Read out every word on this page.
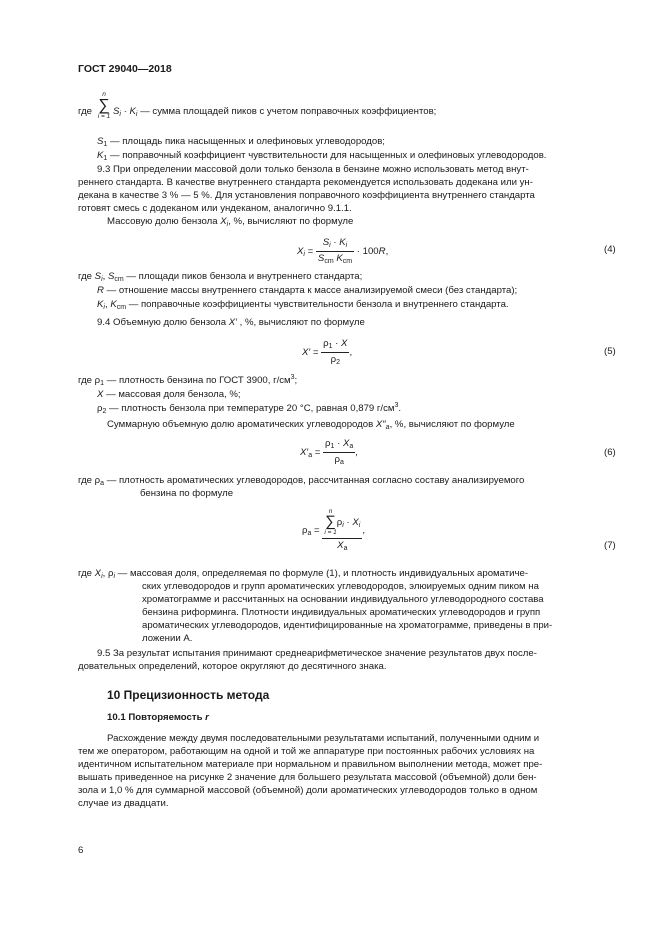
ГОСТ 29040—2018
где
n
∑
i = 1 $S_i \cdot K_i$ — сумма площадей пиков с учетом поправочных коэффициентов;
$S_1$ — площадь пика насыщенных и олефиновых углеводородов;
$K_1$ — поправочный коэффициент чувствительности для насыщенных и олефиновых углеводородов.
9.3 При определении массовой доли только бензола в бензине можно использовать метод внут-
реннего стандарта. В качестве внутреннего стандарта рекомендуется использовать додекана или ун-
декана в качестве 3 % — 5 %. Для установления поправочного коэффициента внутреннего стандарта
готовят смесь с додеканом или ундеканом, аналогично 9.1.1.
Массовую долю бензола $X_i$, %, вычисляют по формуле
$X_i = \frac{S_i \cdot K_i}{S_{cm} K_{cm}} \cdot 100R$,	(4)
где $S_i$, $S_{cm}$ — площади пиков бензола и внутреннего стандарта;
R — отношение массы внутреннего стандарта к массе анализируемой смеси (без стандарта);
$K_i$, $K_{cm}$ — поправочные коэффициенты чувствительности бензола и внутреннего стандарта.
9.4 Объемную долю бензола X′ , %, вычисляют по формуле
$X' = \frac{\rho_1 \cdot X}{\rho_2}$ ,	(5)
где $\rho_1$ — плотность бензина по ГОСТ 3900, $г/см^3$;
X — массовая доля бензола, %;
$\rho_2$ — плотность бензола при температуре 20 °С, равная 0,879 $г/см^3$.
Суммарную объемную долю ароматических углеводородов $X''_a$, %, вычисляют по формуле
$X'_a = \frac{\rho_1 \cdot X_a}{\rho_a}$ ,	(6)
где $\rho_а$ — плотность ароматических углеводородов, рассчитанная согласно составу анализируемого
бензина по формуле
$\rho_a = n$
∑
i = 1
$\rho_i \cdot X_i$
$X_a$ ,
(7)
где $X_i$, $\rho_i$ — массовая доля, определяемая по формуле (1), и плотность индивидуальных ароматиче-
ских углеводородов и групп ароматических углеводородов, элюируемых одним пиком на
хроматограмме и рассчитанных на основании индивидуального углеводородного состава
бензина риформинга. Плотности индивидуальных ароматических углеводородов и групп
ароматических углеводородов, идентифицированные на хроматограмме, приведены в при-
ложении А.
9.5 За результат испытания принимают среднеарифметическое значение результатов двух после-
довательных определений, которое округляют до десятичного знака.
10 Прецизионность метода
10.1 Повторяемость r
Расхождение между двумя последовательными результатами испытаний, полученными одним и
тем же оператором, работающим на одной и той же аппаратуре при постоянных рабочих условиях на
идентичном испытательном материале при нормальном и правильном выполнении метода, может пре-
вышать приведенное на рисунке 2 значение для большего результата массовой (объемной) доли бен-
зола и 1,0 % для суммарной массовой (объемной) доли ароматических углеводородов только в одном
случае из двадцати.
6
